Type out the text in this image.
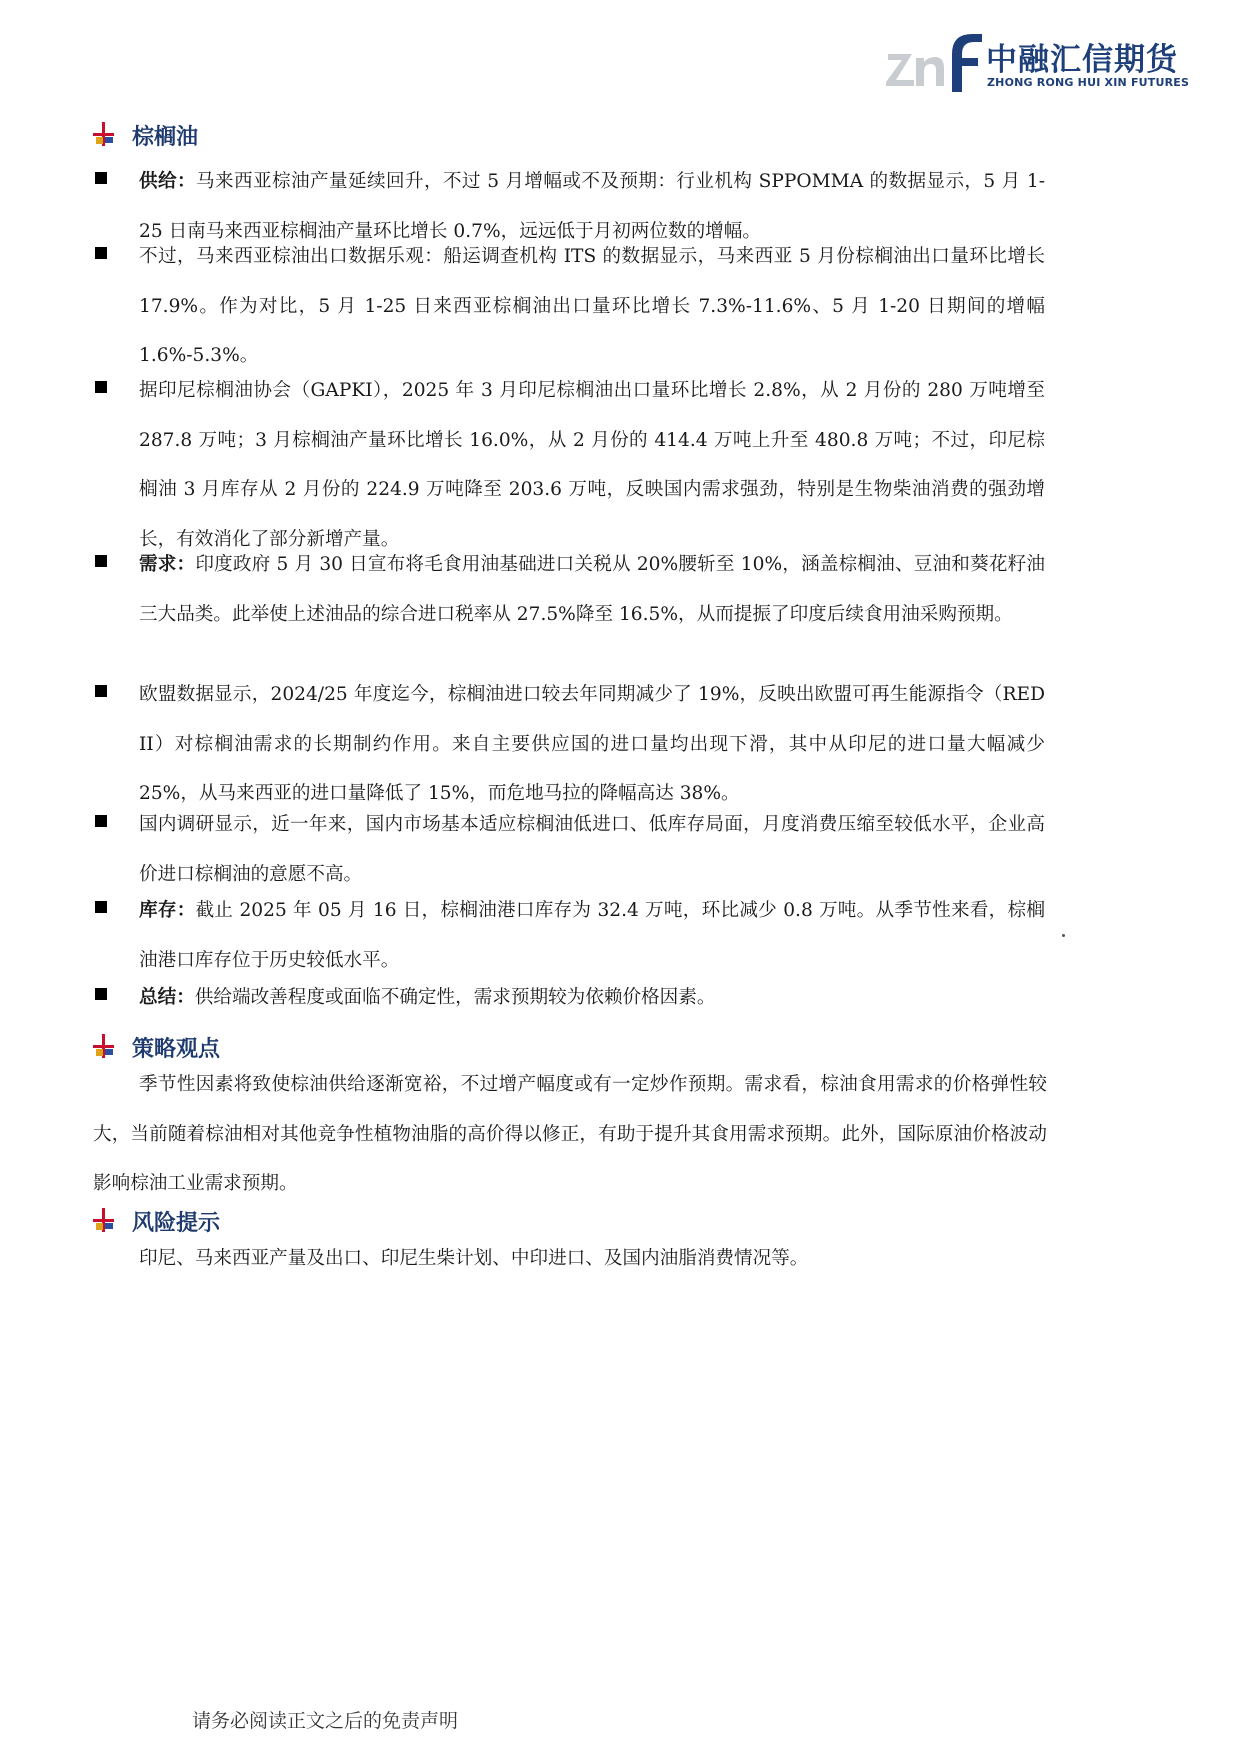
中融汇信期货
ZHONG RONG HUI XIN FUTURES
棕榈油
供给：马来西亚棕油产量延续回升，不过 5 月增幅或不及预期：行业机构 SPPOMMA 的数据显示，5 月 1-25 日南马来西亚棕榈油产量环比增长 0.7%，远远低于月初两位数的增幅。
不过，马来西亚棕油出口数据乐观：船运调查机构 ITS 的数据显示，马来西亚 5 月份棕榈油出口量环比增长 17.9%。作为对比，5 月 1-25 日来西亚棕榈油出口量环比增长 7.3%-11.6%、5 月 1-20 日期间的增幅 1.6%-5.3%。
据印尼棕榈油协会（GAPKI），2025 年 3 月印尼棕榈油出口量环比增长 2.8%，从 2 月份的 280 万吨增至 287.8 万吨；3 月棕榈油产量环比增长 16.0%，从 2 月份的 414.4 万吨上升至 480.8 万吨；不过，印尼棕榈油 3 月库存从 2 月份的 224.9 万吨降至 203.6 万吨，反映国内需求强劲，特别是生物柴油消费的强劲增长，有效消化了部分新增产量。
需求：印度政府 5 月 30 日宣布将毛食用油基础进口关税从 20%腰斩至 10%，涵盖棕榈油、豆油和葵花籽油三大品类。此举使上述油品的综合进口税率从 27.5%降至 16.5%，从而提振了印度后续食用油采购预期。
欧盟数据显示，2024/25 年度迄今，棕榈油进口较去年同期减少了 19%，反映出欧盟可再生能源指令（RED II）对棕榈油需求的长期制约作用。来自主要供应国的进口量均出现下滑，其中从印尼的进口量大幅减少 25%，从马来西亚的进口量降低了 15%，而危地马拉的降幅高达 38%。
国内调研显示，近一年来，国内市场基本适应棕榈油低进口、低库存局面，月度消费压缩至较低水平，企业高价进口棕榈油的意愿不高。
库存：截止 2025 年 05 月 16 日，棕榈油港口库存为 32.4 万吨，环比减少 0.8 万吨。从季节性来看，棕榈油港口库存位于历史较低水平。
总结：供给端改善程度或面临不确定性，需求预期较为依赖价格因素。
策略观点
季节性因素将致使棕油供给逐渐宽裕，不过增产幅度或有一定炒作预期。需求看，棕油食用需求的价格弹性较大，当前随着棕油相对其他竞争性植物油脂的高价得以修正，有助于提升其食用需求预期。此外，国际原油价格波动影响棕油工业需求预期。
风险提示
印尼、马来西亚产量及出口、印尼生柴计划、中印进口、及国内油脂消费情况等。
请务必阅读正文之后的免责声明
